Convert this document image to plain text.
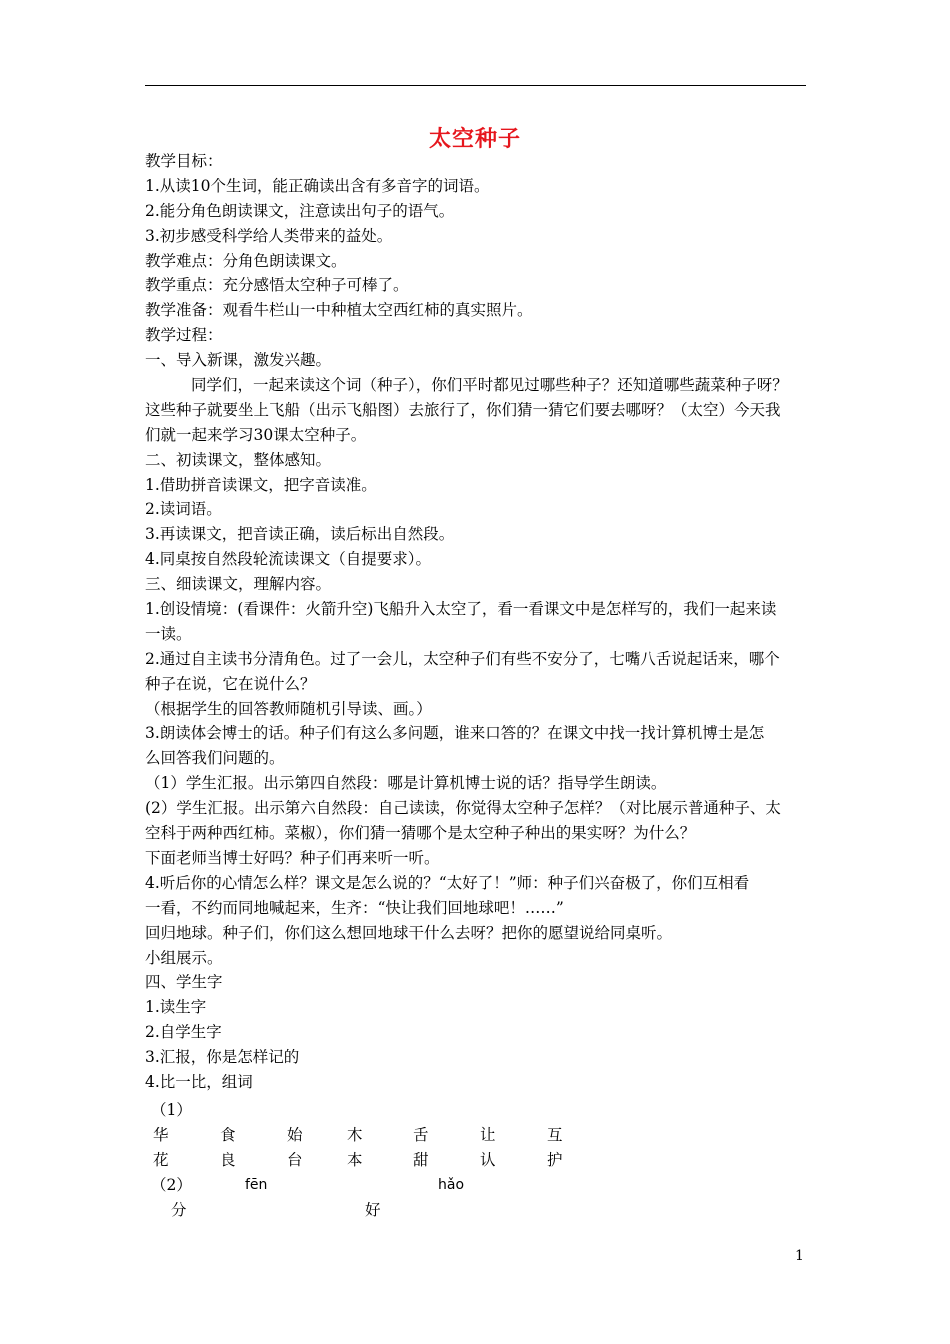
太空种子
教学目标：
1.从读10个生词，能正确读出含有多音字的词语。
2.能分角色朗读课文，注意读出句子的语气。
3.初步感受科学给人类带来的益处。
教学难点：分角色朗读课文。
教学重点：充分感悟太空种子可棒了。
教学准备：观看牛栏山一中种植太空西红柿的真实照片。
教学过程：
一、导入新课，激发兴趣。
同学们，一起来读这个词（种子），你们平时都见过哪些种子？还知道哪些蔬菜种子呀？
这些种子就要坐上飞船（出示飞船图）去旅行了，你们猜一猜它们要去哪呀？（太空）今天我
们就一起来学习30课太空种子。
二、初读课文，整体感知。
1.借助拼音读课文，把字音读准。
2.读词语。
3.再读课文，把音读正确，读后标出自然段。
4.同桌按自然段轮流读课文（自提要求）。
三、细读课文，理解内容。
1.创设情境：(看课件：火箭升空)飞船升入太空了，看一看课文中是怎样写的，我们一起来读
一读。
2.通过自主读书分清角色。过了一会儿，太空种子们有些不安分了，七嘴八舌说起话来，哪个
种子在说，它在说什么？
（根据学生的回答教师随机引导读、画。）
3.朗读体会博士的话。种子们有这么多问题，谁来口答的？在课文中找一找计算机博士是怎
么回答我们问题的。
（1）学生汇报。出示第四自然段：哪是计算机博士说的话？指导学生朗读。
(2）学生汇报。出示第六自然段：自己读读，你觉得太空种子怎样？（对比展示普通种子、太
空科于两种西红柿。菜椒），你们猜一猜哪个是太空种子种出的果实呀？为什么？
下面老师当博士好吗？种子们再来听一听。
4.听后你的心情怎么样？课文是怎么说的？“太好了！”师：种子们兴奋极了，你们互相看
一看，不约而同地喊起来，生齐：“快让我们回地球吧！……”
回归地球。种子们，你们这么想回地球干什么去呀？把你的愿望说给同桌听。
小组展示。
四、学生字
1.读生字
2.自学生字
3.汇报，你是怎样记的
4.比一比，组词
（1）
华	食	始	木	舌	让	互
花	良	台	本	甜	认	护
（2）	fēn	hǎo
分	好
1
